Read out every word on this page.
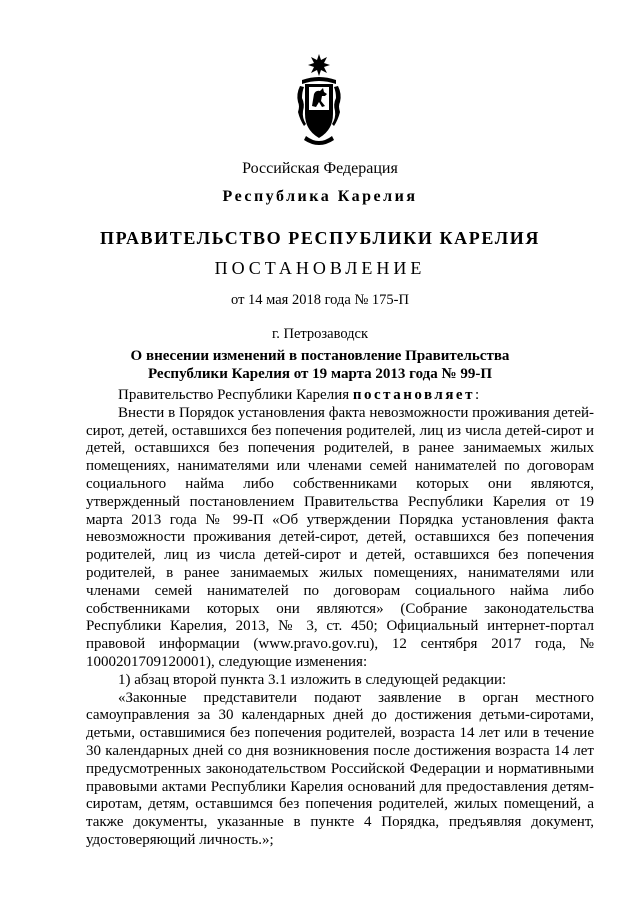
Российская Федерация
Республика Карелия
ПРАВИТЕЛЬСТВО РЕСПУБЛИКИ КАРЕЛИЯ
ПОСТАНОВЛЕНИЕ
от 14 мая 2018 года № 175-П
г. Петрозаводск
О внесении изменений в постановление Правительства
Республики Карелия от 19 марта 2013 года № 99-П

Правительство Республики Карелия постановляет:

Внести в Порядок установления факта невозможности проживания детей-сирот, детей, оставшихся без попечения родителей, лиц из числа детей-сирот и детей, оставшихся без попечения родителей, в ранее занимаемых жилых помещениях, нанимателями или членами семей нанимателей по договорам социального найма либо собственниками которых они являются, утвержденный постановлением Правительства Республики Карелия от 19 марта 2013 года № 99-П «Об утверждении Порядка установления факта невозможности проживания детей-сирот, детей, оставшихся без попечения родителей, лиц из числа детей-сирот и детей, оставшихся без попечения родителей, в ранее занимаемых жилых помещениях, нанимателями или членами семей нанимателей по договорам социального найма либо собственниками которых они являются» (Собрание законодательства Республики Карелия, 2013, № 3, ст. 450; Официальный интернет-портал правовой информации (www.pravo.gov.ru), 12 сентября 2017 года, № 1000201709120001), следующие изменения:

1) абзац второй пункта 3.1 изложить в следующей редакции:

«Законные представители подают заявление в орган местного самоуправления за 30 календарных дней до достижения детьми-сиротами, детьми, оставшимися без попечения родителей, возраста 14 лет или в течение 30 календарных дней со дня возникновения после достижения возраста 14 лет предусмотренных законодательством Российской Федерации и нормативными правовыми актами Республики Карелия оснований для предоставления детям-сиротам, детям, оставшимся без попечения родителей, жилых помещений, а также документы, указанные в пункте 4 Порядка, предъявляя документ, удостоверяющий личность.»;
